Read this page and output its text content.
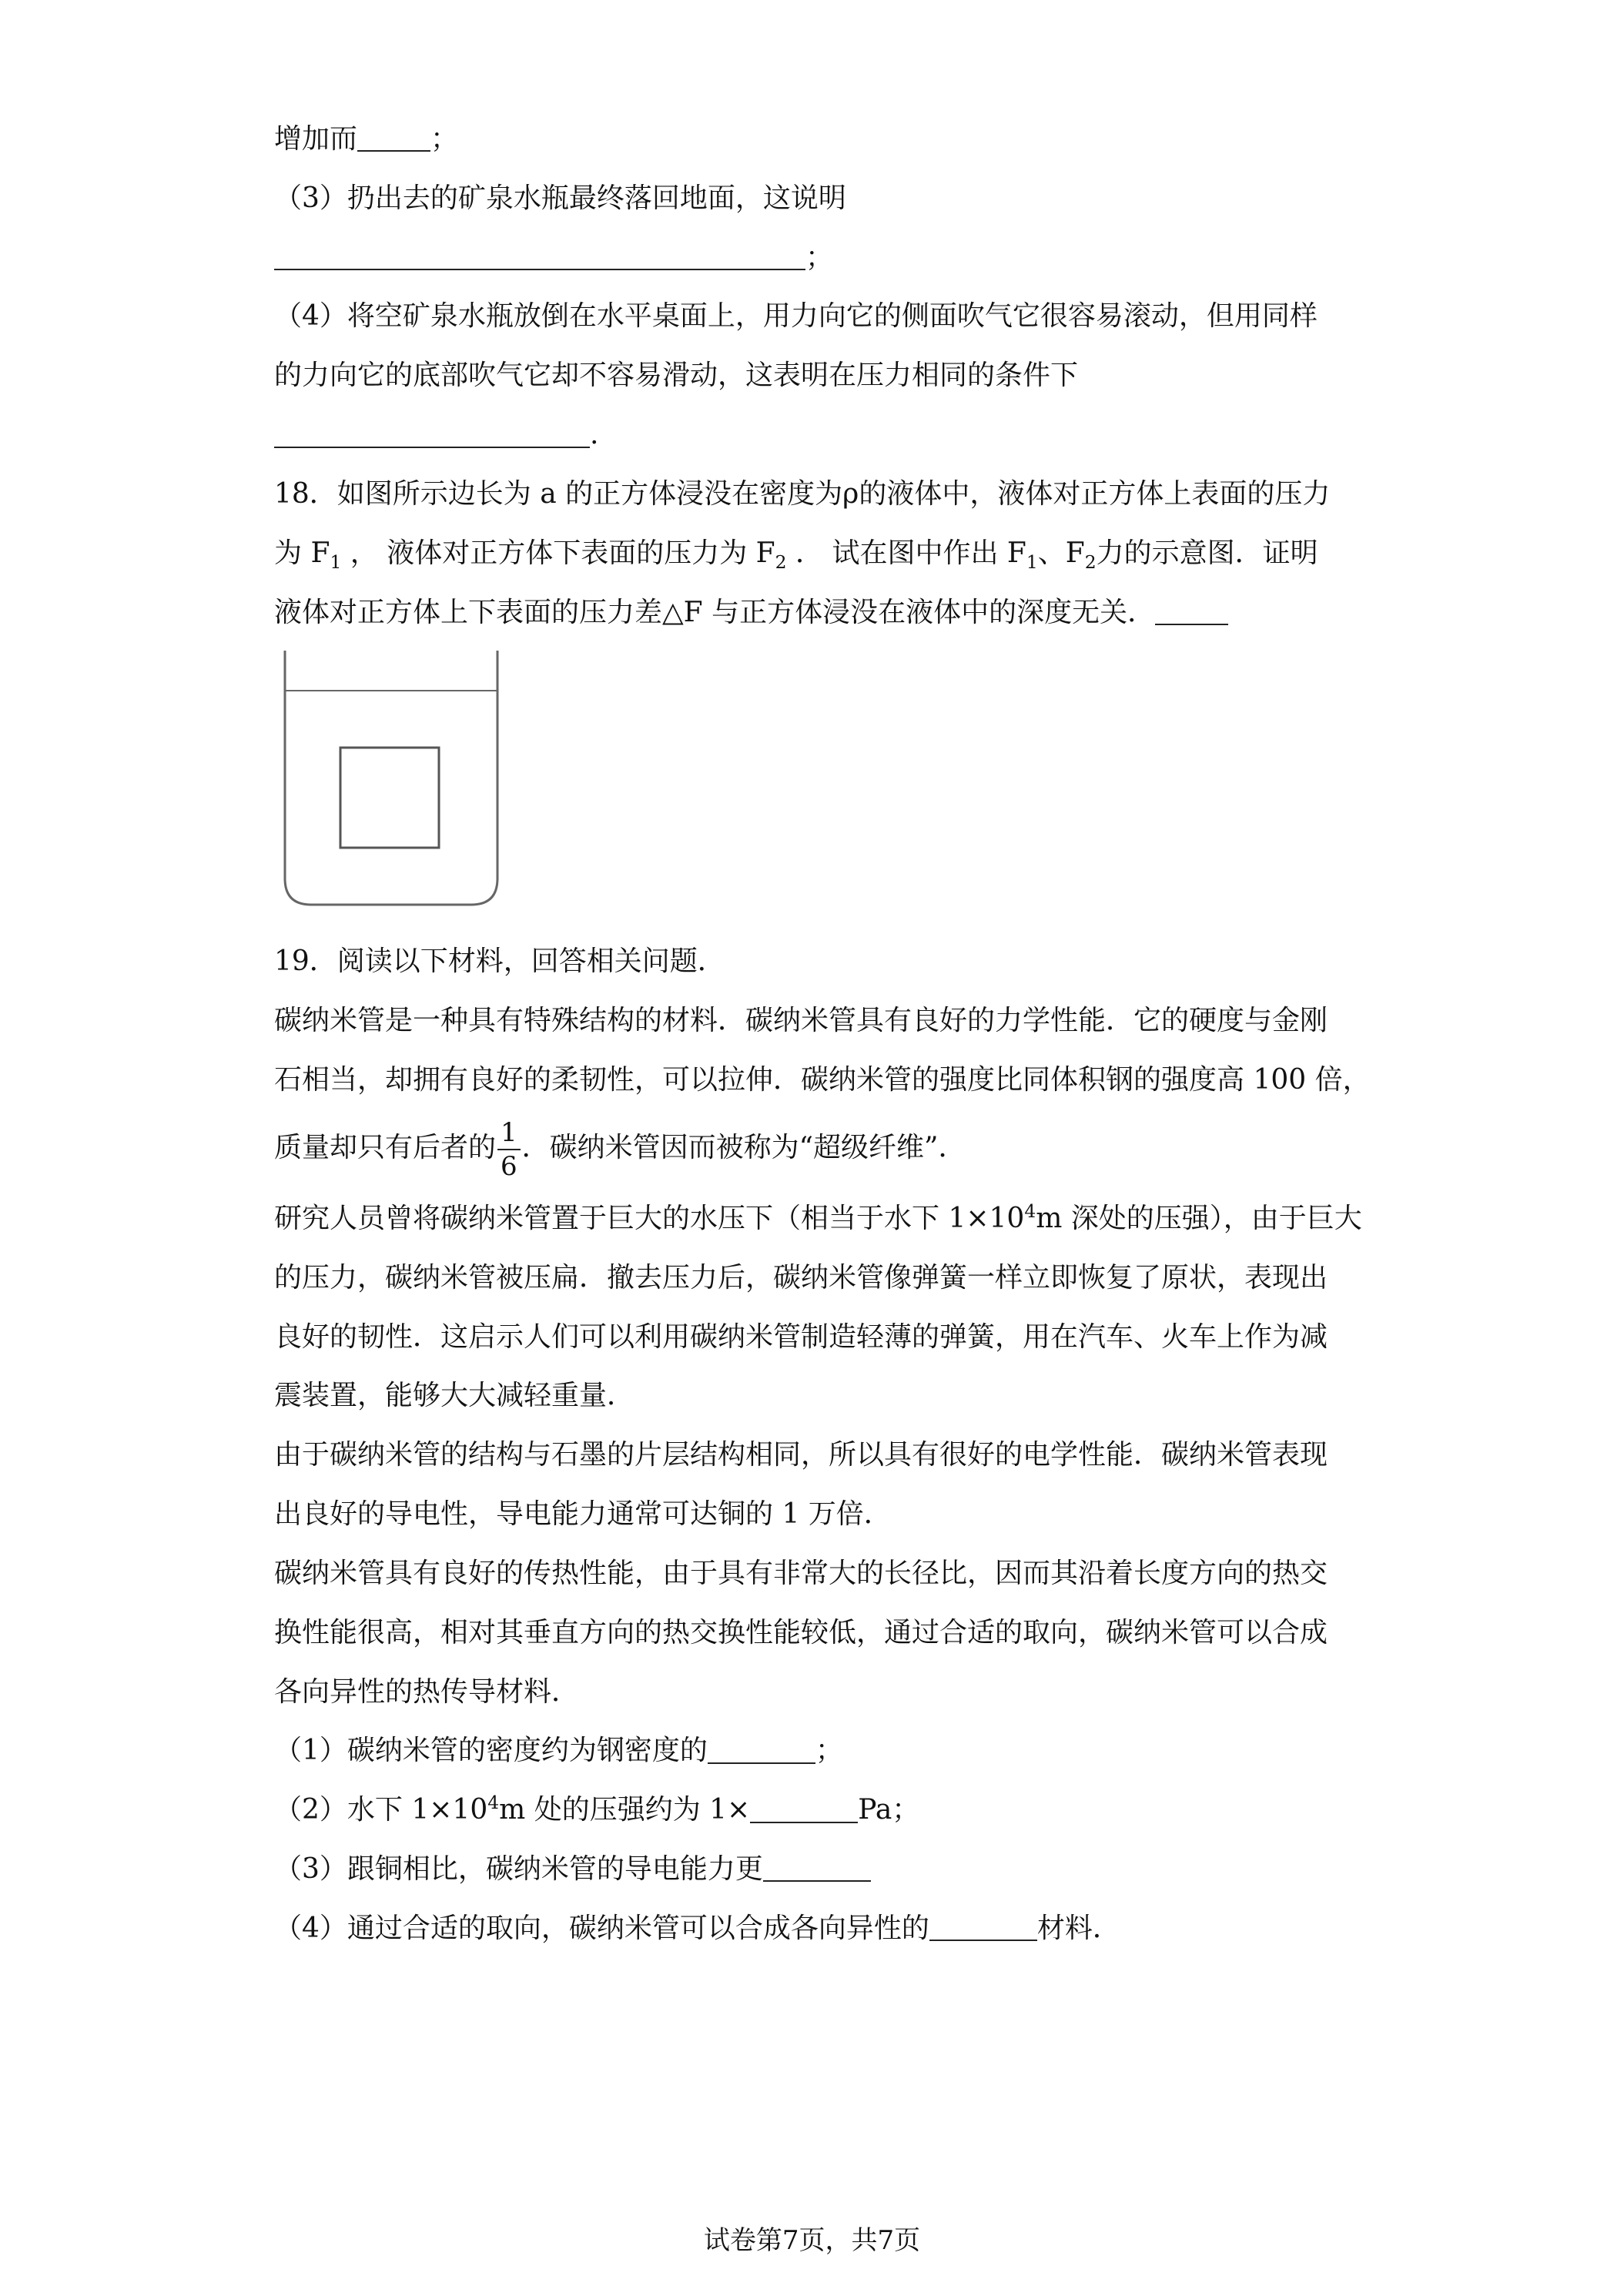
增加而	；

（3）扔出去的矿泉水瓶最终落回地面，这说明

；

（4）将空矿泉水瓶放倒在水平桌面上，用力向它的侧面吹气它很容易滚动，但用同样

的力向它的底部吹气它却不容易滑动，这表明在压力相同的条件下

.

18．如图所示边长为 a 的正方体浸没在密度为ρ的液体中，液体对正方体上表面的压力

为 $F_1$ ， 液体对正方体下表面的压力为 $F_2$ ． 试在图中作出 $F_1$、$F_2$力的示意图．证明

液体对正方体上下表面的压力差△F 与正方体浸没在液体中的深度无关．

19．阅读以下材料，回答相关问题．

碳纳米管是一种具有特殊结构的材料．碳纳米管具有良好的力学性能．它的硬度与金刚

石相当，却拥有良好的柔韧性，可以拉伸．碳纳米管的强度比同体积钢的强度高 100 倍，

质量却只有后者的 $\frac{1}{6}$ ．碳纳米管因而被称为“超级纤维”．

研究人员曾将碳纳米管置于巨大的水压下（相当于水下 $1\times 10^4m$ 深处的压强），由于巨大

的压力，碳纳米管被压扁．撤去压力后，碳纳米管像弹簧一样立即恢复了原状，表现出

良好的韧性．这启示人们可以利用碳纳米管制造轻薄的弹簧，用在汽车、火车上作为减

震装置，能够大大减轻重量．

由于碳纳米管的结构与石墨的片层结构相同，所以具有很好的电学性能．碳纳米管表现

出良好的导电性，导电能力通常可达铜的 1 万倍．

碳纳米管具有良好的传热性能，由于具有非常大的长径比，因而其沿着长度方向的热交

换性能很高，相对其垂直方向的热交换性能较低，通过合适的取向，碳纳米管可以合成

各向异性的热传导材料．

（1）碳纳米管的密度约为钢密度的	；

（2）水下 $1\times 10^4m$ 处的压强约为 1×	Pa；

（3）跟铜相比，碳纳米管的导电能力更

（4）通过合适的取向，碳纳米管可以合成各向异性的	材料．

试卷第7页，共7页
